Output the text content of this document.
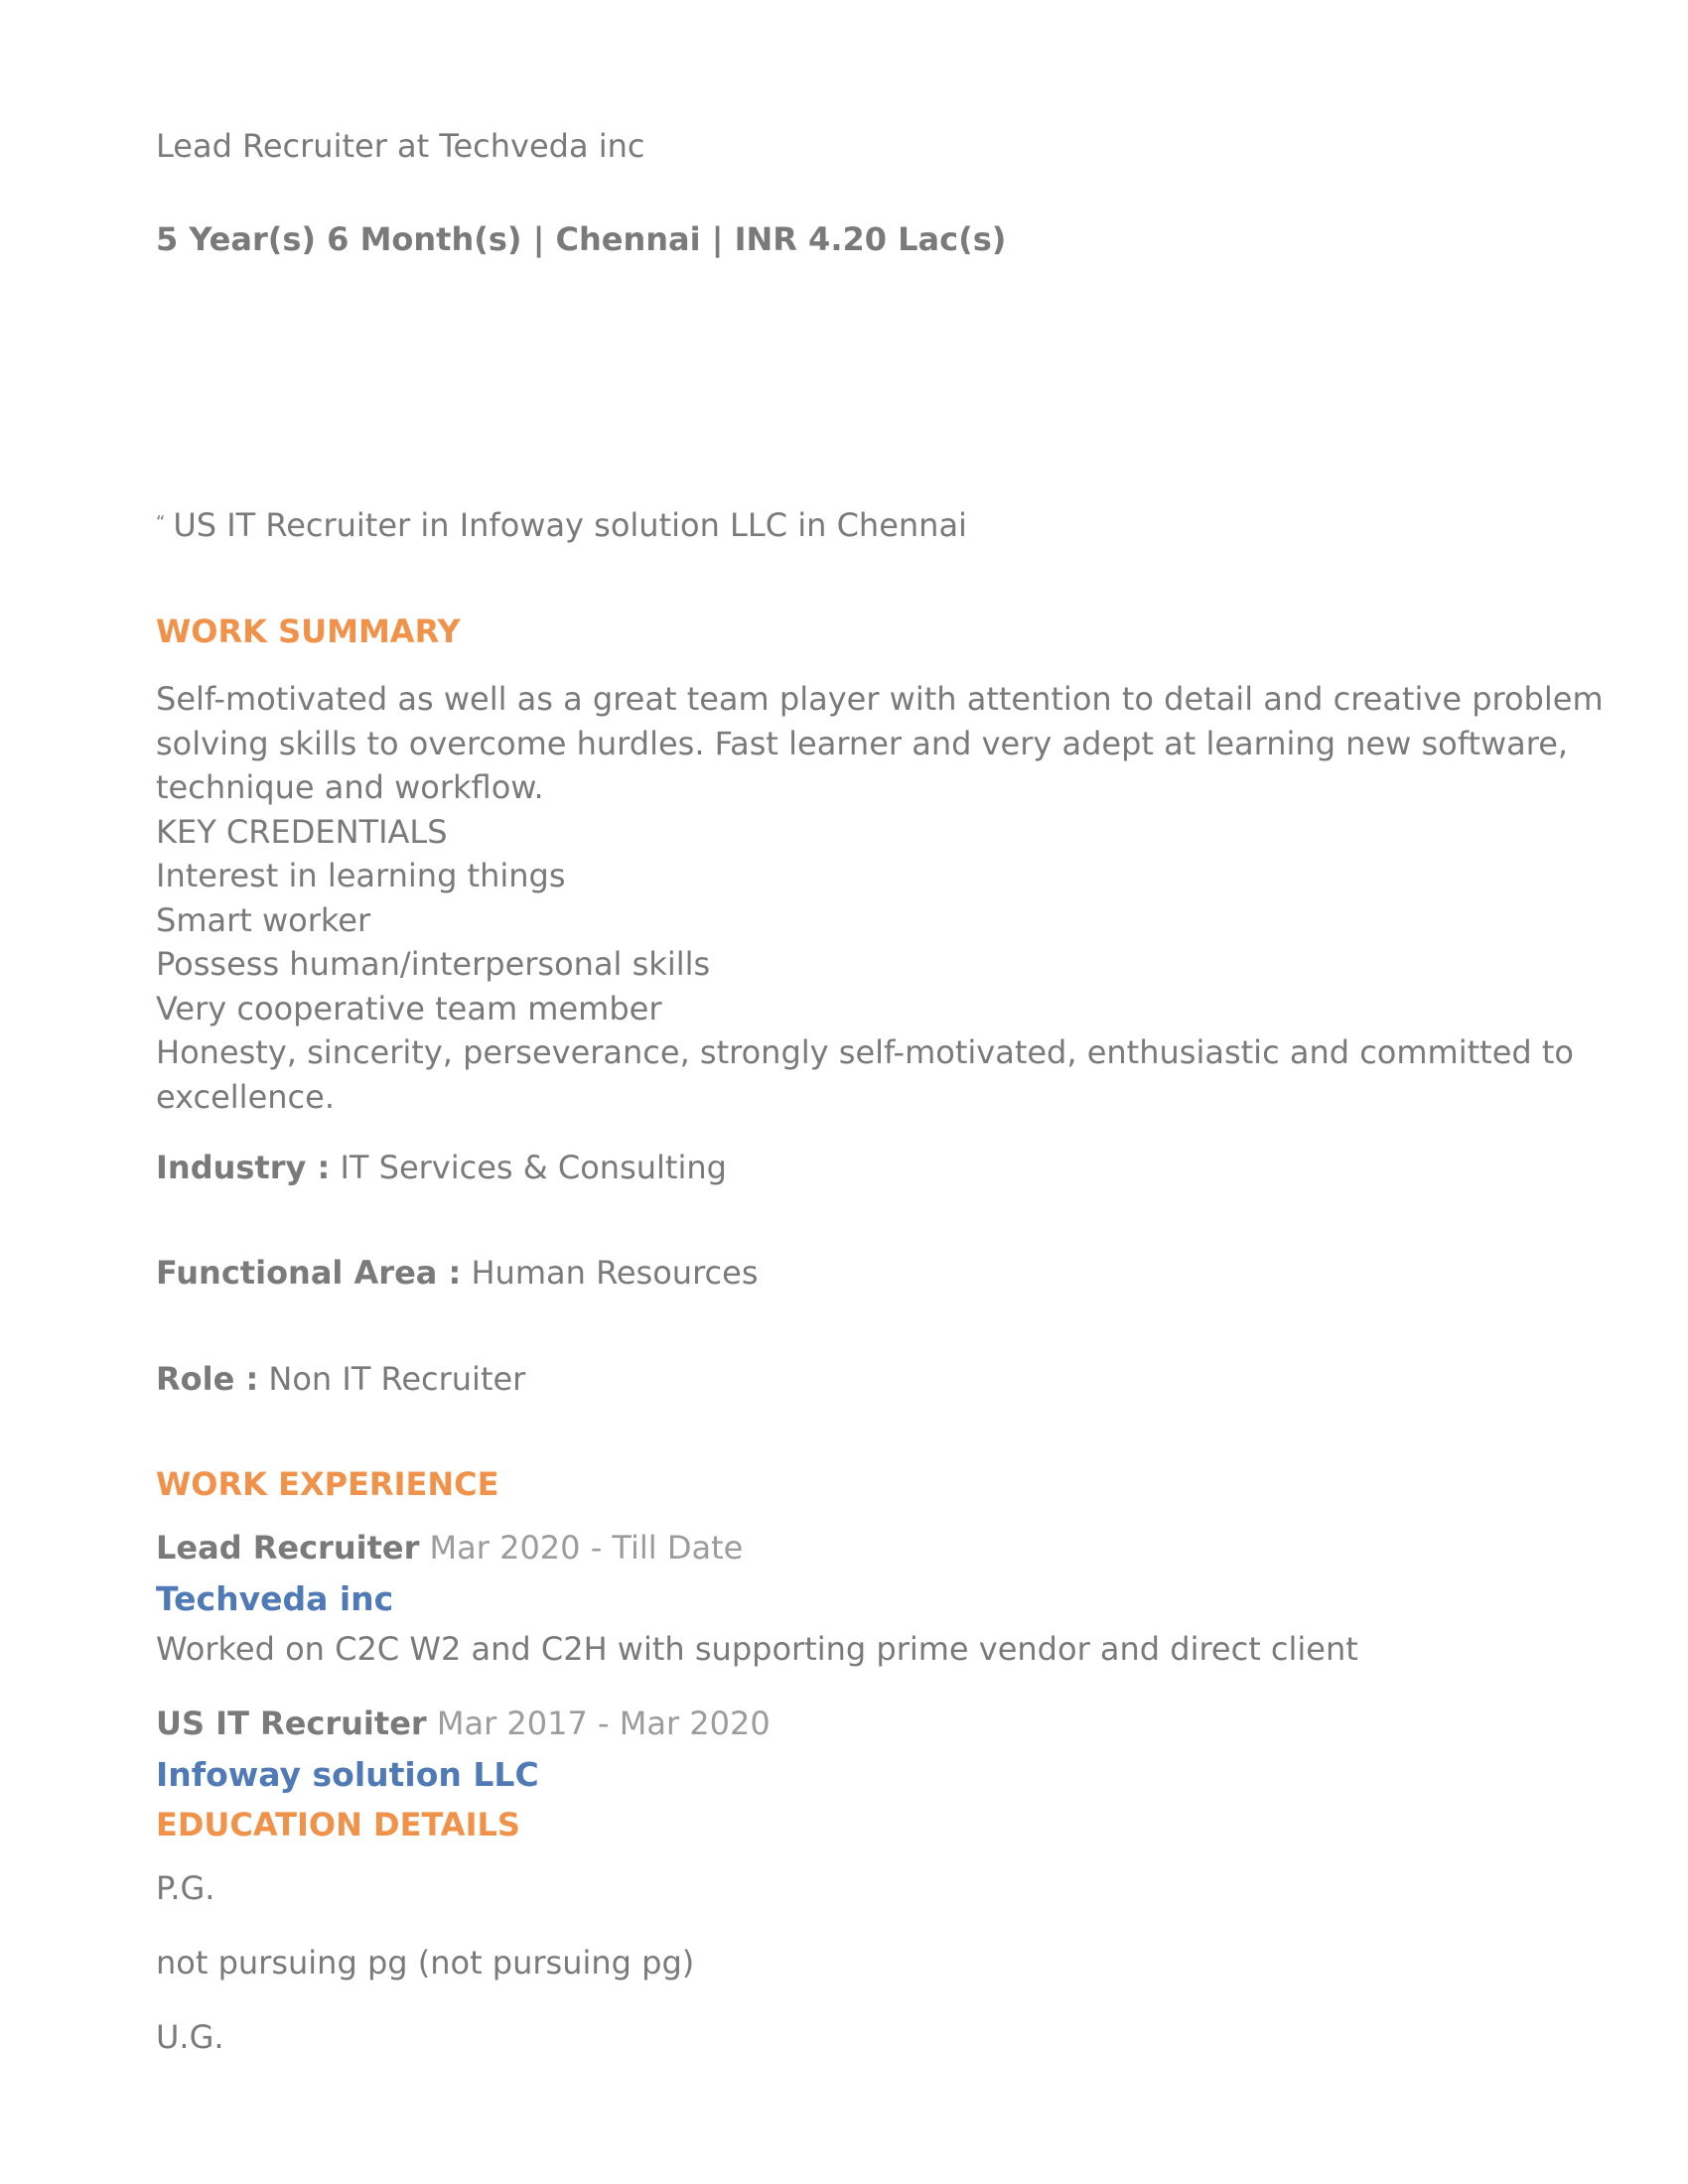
Lead Recruiter at Techveda inc
5 Year(s) 6 Month(s) | Chennai | INR 4.20 Lac(s)
“ US IT Recruiter in Infoway solution LLC in Chennai
WORK SUMMARY
Self-motivated as well as a great team player with attention to detail and creative problem solving skills to overcome hurdles. Fast learner and very adept at learning new software, technique and workflow.
KEY CREDENTIALS
Interest in learning things
Smart worker
Possess human/interpersonal skills
Very cooperative team member
Honesty, sincerity, perseverance, strongly self-motivated, enthusiastic and committed to excellence.
Industry : IT Services & Consulting
Functional Area : Human Resources
Role : Non IT Recruiter
WORK EXPERIENCE
Lead Recruiter Mar 2020 - Till Date
Techveda inc
Worked on C2C W2 and C2H with supporting prime vendor and direct client
US IT Recruiter Mar 2017 - Mar 2020
Infoway solution LLC
EDUCATION DETAILS
P.G.
not pursuing pg (not pursuing pg)
U.G.
